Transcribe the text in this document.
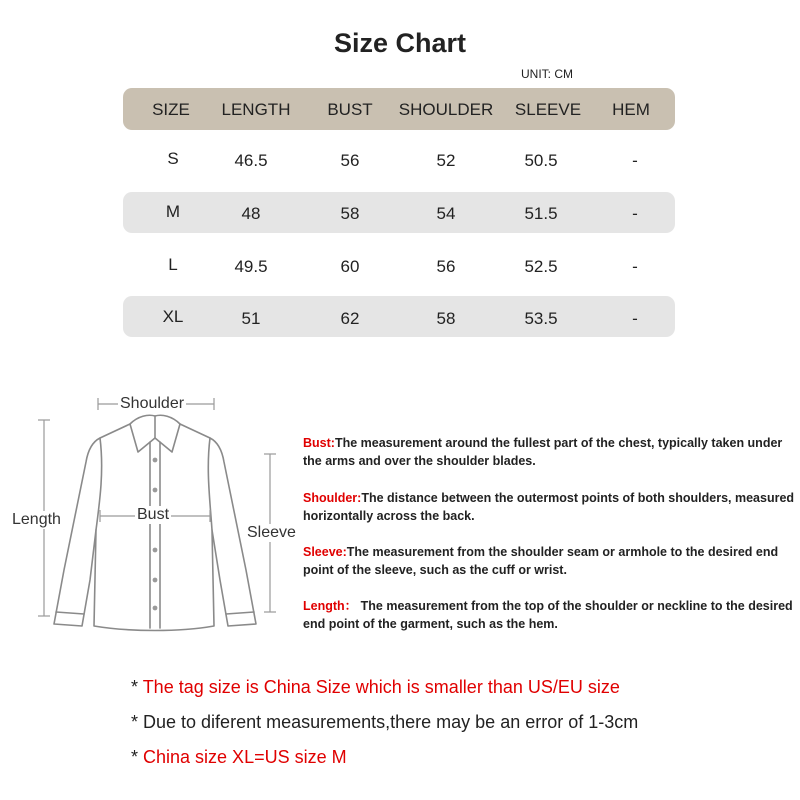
Size Chart
UNIT: CM
SIZE	LENGTH	BUST	SHOULDER	SLEEVE	HEM
S	46.5	56	52	50.5	-
M	48	58	54	51.5	-
L	49.5	60	56	52.5	-
XL	51	62	58	53.5	-
Shoulder
Bust
Length
Sleeve
Bust:The measurement around the fullest part of the chest, typically taken under the arms and over the shoulder blades.
Shoulder:The distance between the outermost points of both shoulders, measured horizontally across the back.
Sleeve:The measurement from the shoulder seam or armhole to the desired end point of the sleeve, such as the cuff or wrist.
Length： The measurement from the top of the shoulder or neckline to the desired end point of the garment, such as the hem.
* The tag size is China Size which is smaller than US/EU size
* Due to diferent measurements,there may be an error of 1-3cm
* China size XL=US size M
